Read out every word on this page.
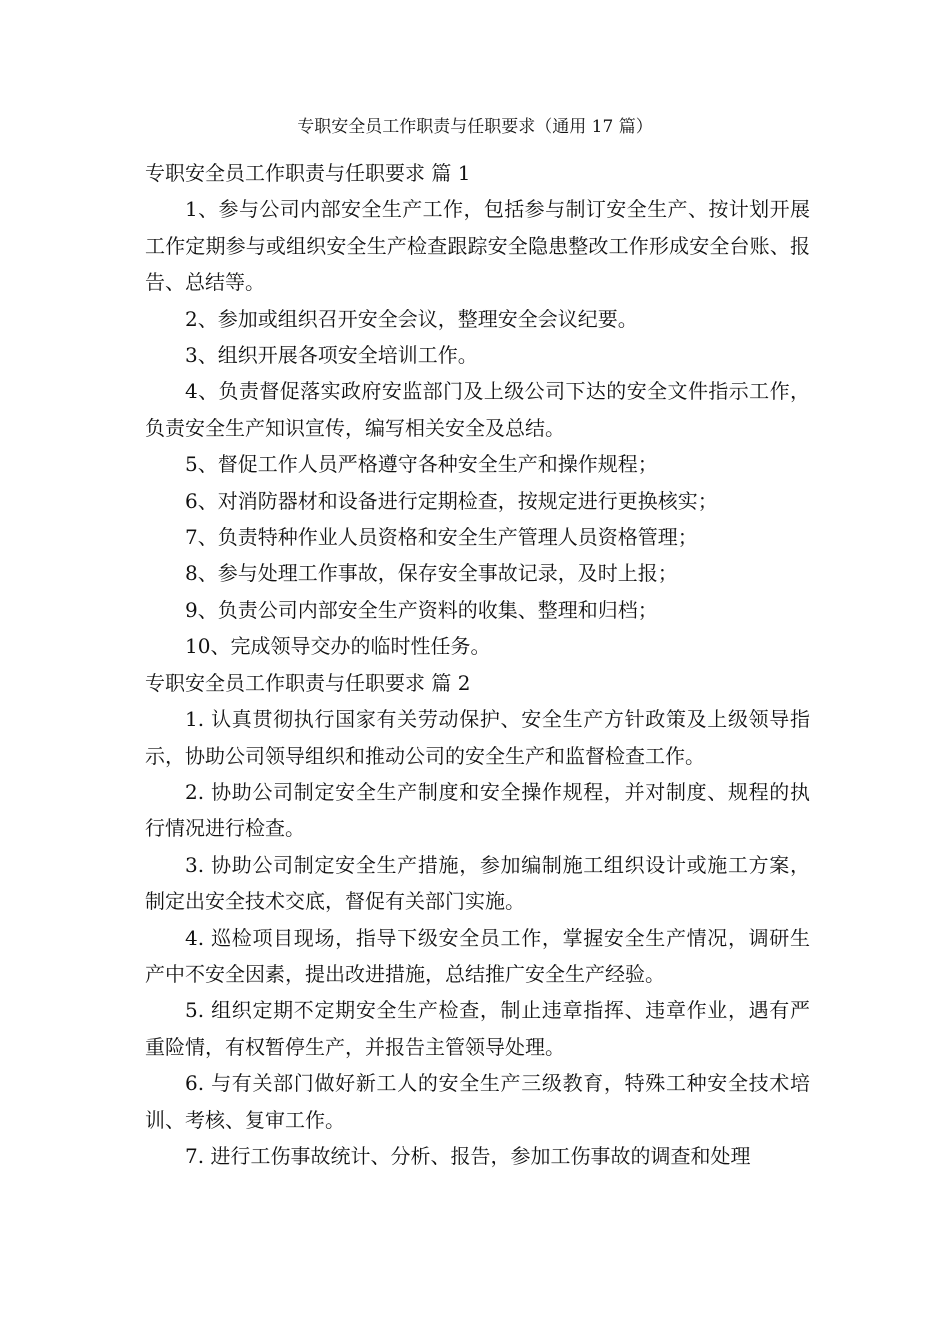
专职安全员工作职责与任职要求（通用 17 篇）
专职安全员工作职责与任职要求 篇 1
1、参与公司内部安全生产工作，包括参与制订安全生产、按计划开展工作定期参与或组织安全生产检查跟踪安全隐患整改工作形成安全台账、报告、总结等。
2、参加或组织召开安全会议，整理安全会议纪要。
3、组织开展各项安全培训工作。
4、负责督促落实政府安监部门及上级公司下达的安全文件指示工作，负责安全生产知识宣传，编写相关安全及总结。
5、督促工作人员严格遵守各种安全生产和操作规程；
6、对消防器材和设备进行定期检查，按规定进行更换核实；
7、负责特种作业人员资格和安全生产管理人员资格管理；
8、参与处理工作事故，保存安全事故记录，及时上报；
9、负责公司内部安全生产资料的收集、整理和归档；
10、完成领导交办的临时性任务。
专职安全员工作职责与任职要求 篇 2
1. 认真贯彻执行国家有关劳动保护、安全生产方针政策及上级领导指示，协助公司领导组织和推动公司的安全生产和监督检查工作。
2. 协助公司制定安全生产制度和安全操作规程，并对制度、规程的执行情况进行检查。
3. 协助公司制定安全生产措施，参加编制施工组织设计或施工方案，制定出安全技术交底，督促有关部门实施。
4. 巡检项目现场，指导下级安全员工作，掌握安全生产情况，调研生产中不安全因素，提出改进措施，总结推广安全生产经验。
5. 组织定期不定期安全生产检查，制止违章指挥、违章作业，遇有严重险情，有权暂停生产，并报告主管领导处理。
6. 与有关部门做好新工人的安全生产三级教育，特殊工种安全技术培训、考核、复审工作。
7. 进行工伤事故统计、分析、报告，参加工伤事故的调查和处理
